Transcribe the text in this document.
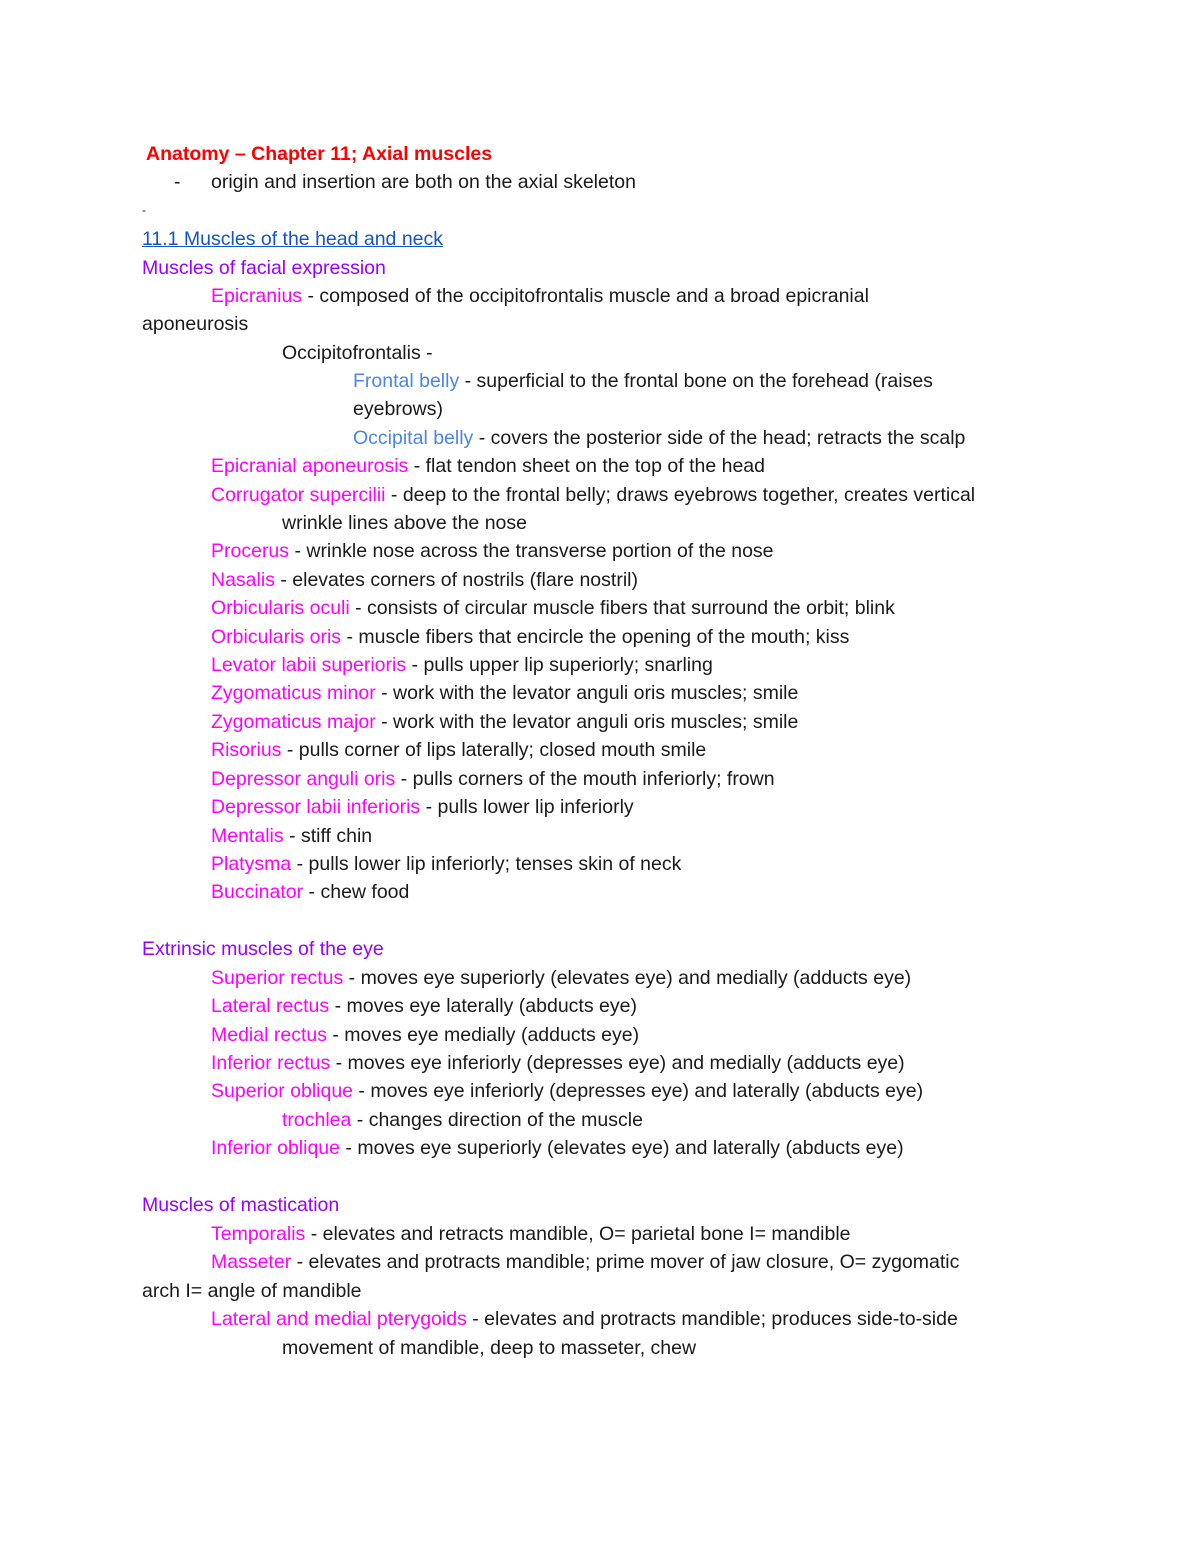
Anatomy – Chapter 11; Axial muscles
- origin and insertion are both on the axial skeleton
-
11.1 Muscles of the head and neck
Muscles of facial expression
Epicranius - composed of the occipitofrontalis muscle and a broad epicranial
aponeurosis
Occipitofrontalis -
Frontal belly - superficial to the frontal bone on the forehead (raises
eyebrows)
Occipital belly - covers the posterior side of the head; retracts the scalp
Epicranial aponeurosis - flat tendon sheet on the top of the head
Corrugator supercilii - deep to the frontal belly; draws eyebrows together, creates vertical
wrinkle lines above the nose
Procerus - wrinkle nose across the transverse portion of the nose
Nasalis - elevates corners of nostrils (flare nostril)
Orbicularis oculi - consists of circular muscle fibers that surround the orbit; blink
Orbicularis oris - muscle fibers that encircle the opening of the mouth; kiss
Levator labii superioris - pulls upper lip superiorly; snarling
Zygomaticus minor - work with the levator anguli oris muscles; smile
Zygomaticus major - work with the levator anguli oris muscles; smile
Risorius - pulls corner of lips laterally; closed mouth smile
Depressor anguli oris - pulls corners of the mouth inferiorly; frown
Depressor labii inferioris - pulls lower lip inferiorly
Mentalis - stiff chin
Platysma - pulls lower lip inferiorly; tenses skin of neck
Buccinator - chew food
Extrinsic muscles of the eye
Superior rectus - moves eye superiorly (elevates eye) and medially (adducts eye)
Lateral rectus - moves eye laterally (abducts eye)
Medial rectus - moves eye medially (adducts eye)
Inferior rectus - moves eye inferiorly (depresses eye) and medially (adducts eye)
Superior oblique - moves eye inferiorly (depresses eye) and laterally (abducts eye)
trochlea - changes direction of the muscle
Inferior oblique - moves eye superiorly (elevates eye) and laterally (abducts eye)
Muscles of mastication
Temporalis - elevates and retracts mandible, O= parietal bone I= mandible
Masseter - elevates and protracts mandible; prime mover of jaw closure, O= zygomatic
arch I= angle of mandible
Lateral and medial pterygoids - elevates and protracts mandible; produces side-to-side
movement of mandible, deep to masseter, chew
